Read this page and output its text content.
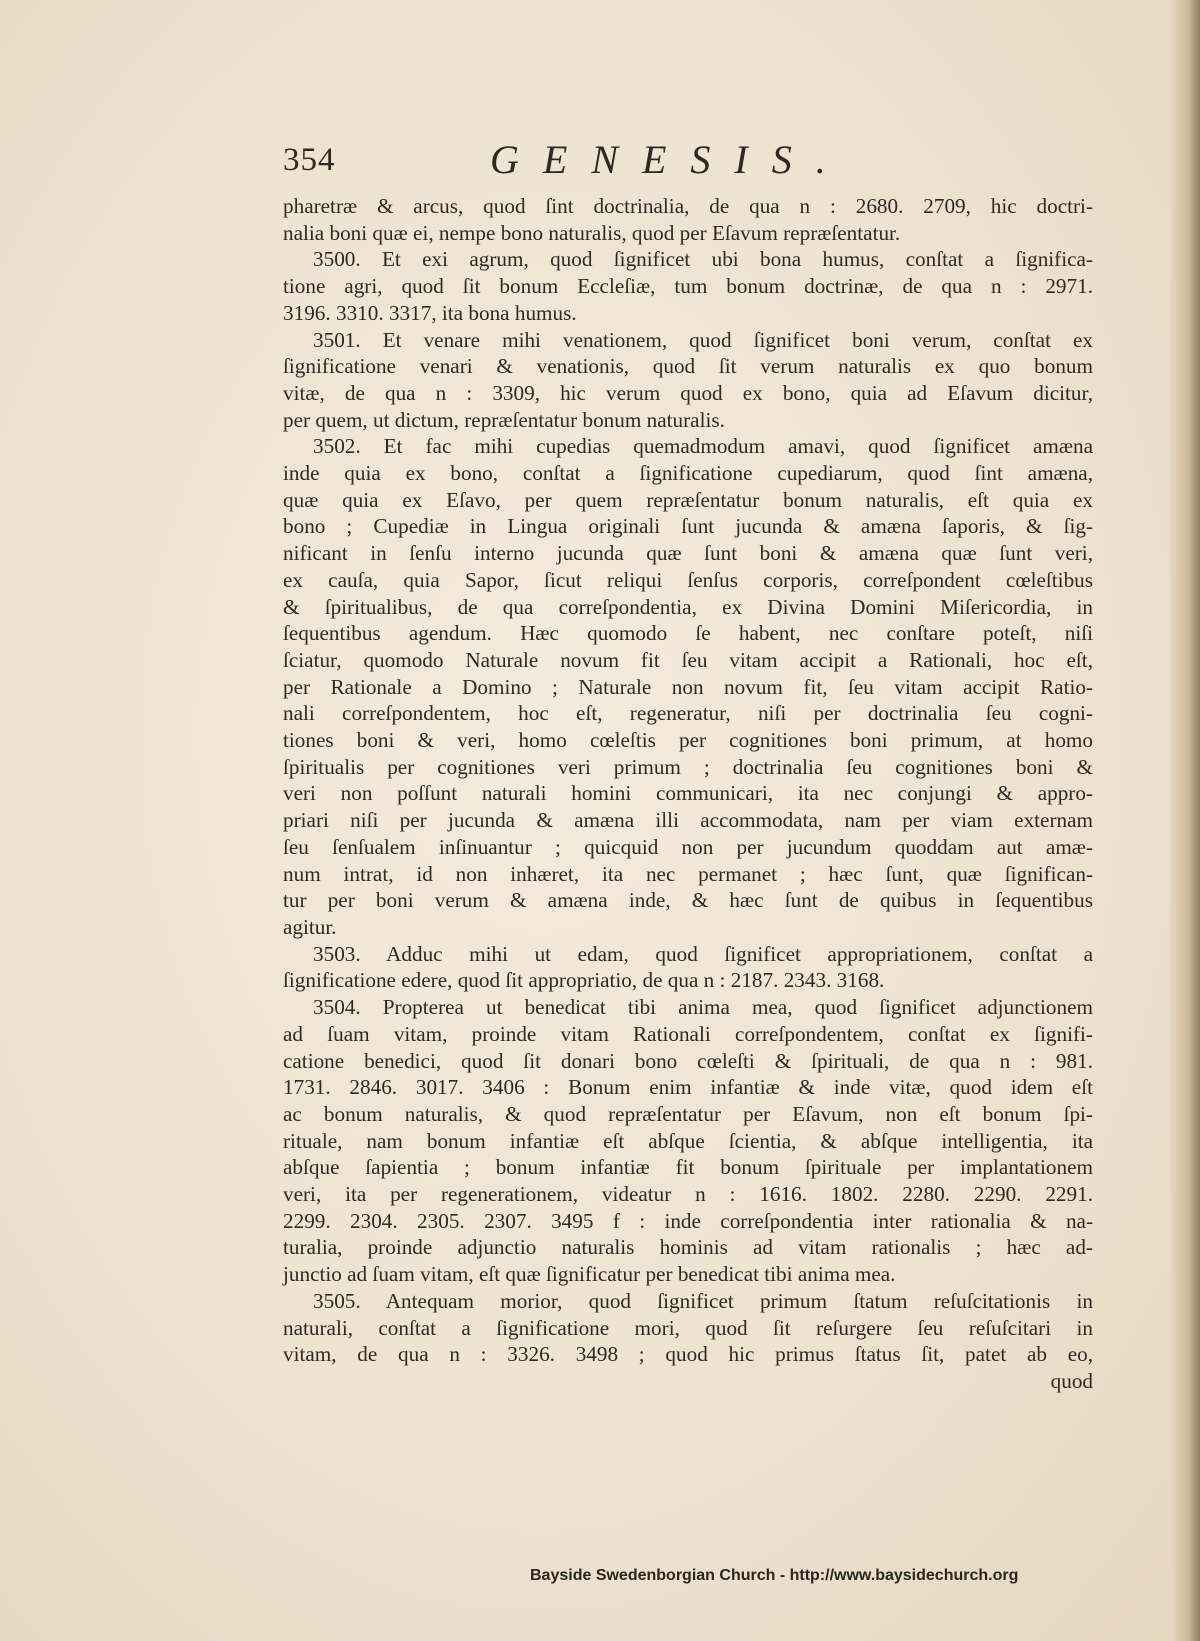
354	GENESIS.
pharetræ & arcus, quod ſint doctrinalia, de qua n : 2680. 2709, hic doctri-
nalia boni quæ ei, nempe bono naturalis, quod per Eſavum repræſentatur.
3500. Et exi agrum, quod ſignificet ubi bona humus, conſtat a ſignifica-
tione agri, quod ſit bonum Eccleſiæ, tum bonum doctrinæ, de qua n : 2971.
3196. 3310. 3317, ita bona humus.
3501. Et venare mihi venationem, quod ſignificet boni verum, conſtat ex
ſignificatione venari & venationis, quod ſit verum naturalis ex quo bonum
vitæ, de qua n : 3309, hic verum quod ex bono, quia ad Eſavum dicitur,
per quem, ut dictum, repræſentatur bonum naturalis.
3502. Et fac mihi cupedias quemadmodum amavi, quod ſignificet amæna
inde quia ex bono, conſtat a ſignificatione cupediarum, quod ſint amæna,
quæ quia ex Eſavo, per quem repræſentatur bonum naturalis, eſt quia ex
bono ; Cupediæ in Lingua originali ſunt jucunda & amæna ſaporis, & ſig-
nificant in ſenſu interno jucunda quæ ſunt boni & amæna quæ ſunt veri,
ex cauſa, quia Sapor, ſicut reliqui ſenſus corporis, correſpondent cœleſtibus
& ſpiritualibus, de qua correſpondentia, ex Divina Domini Miſericordia, in
ſequentibus agendum. Hæc quomodo ſe habent, nec conſtare poteſt, niſi
ſciatur, quomodo Naturale novum fit ſeu vitam accipit a Rationali, hoc eſt,
per Rationale a Domino ; Naturale non novum fit, ſeu vitam accipit Ratio-
nali correſpondentem, hoc eſt, regeneratur, niſi per doctrinalia ſeu cogni-
tiones boni & veri, homo cœleſtis per cognitiones boni primum, at homo
ſpiritualis per cognitiones veri primum ; doctrinalia ſeu cognitiones boni &
veri non poſſunt naturali homini communicari, ita nec conjungi & appro-
priari niſi per jucunda & amæna illi accommodata, nam per viam externam
ſeu ſenſualem inſinuantur ; quicquid non per jucundum quoddam aut amæ-
num intrat, id non inhæret, ita nec permanet ; hæc ſunt, quæ ſignifican-
tur per boni verum & amæna inde, & hæc ſunt de quibus in ſequentibus
agitur.
3503. Adduc mihi ut edam, quod ſignificet appropriationem, conſtat a
ſignificatione edere, quod ſit appropriatio, de qua n : 2187. 2343. 3168.
3504. Propterea ut benedicat tibi anima mea, quod ſignificet adjunctionem
ad ſuam vitam, proinde vitam Rationali correſpondentem, conſtat ex ſignifi-
catione benedici, quod ſit donari bono cœleſti & ſpirituali, de qua n : 981.
1731. 2846. 3017. 3406 : Bonum enim infantiæ & inde vitæ, quod idem eſt
ac bonum naturalis, & quod repræſentatur per Eſavum, non eſt bonum ſpi-
rituale, nam bonum infantiæ eſt abſque ſcientia, & abſque intelligentia, ita
abſque ſapientia ; bonum infantiæ fit bonum ſpirituale per implantationem
veri, ita per regenerationem, videatur n : 1616. 1802. 2280. 2290. 2291.
2299. 2304. 2305. 2307. 3495 f : inde correſpondentia inter rationalia & na-
turalia, proinde adjunctio naturalis hominis ad vitam rationalis ; hæc ad-
junctio ad ſuam vitam, eſt quæ ſignificatur per benedicat tibi anima mea.
3505. Antequam morior, quod ſignificet primum ſtatum reſuſcitationis in
naturali, conſtat a ſignificatione mori, quod ſit reſurgere ſeu reſuſcitari in
vitam, de qua n : 3326. 3498 ; quod hic primus ſtatus ſit, patet ab eo,
quod
Bayside Swedenborgian Church - http://www.baysidechurch.org
